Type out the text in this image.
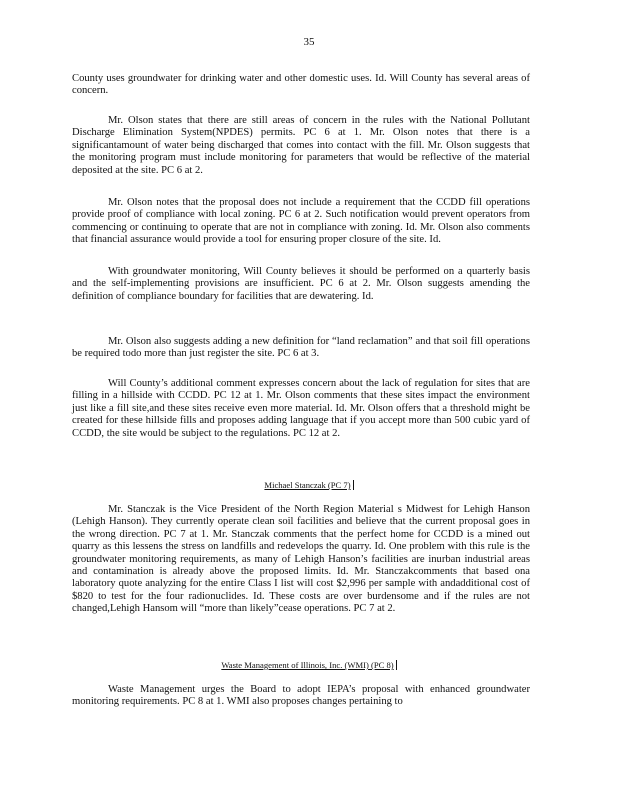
35

County uses groundwater for drinking water and other domestic uses. Id. Will County has several areas of concern.

Mr. Olson states that there are still areas of concern in the rules with the National Pollutant Discharge Elimination System(NPDES) permits. PC 6 at 1. Mr. Olson notes that there is a significantamount of water being discharged that comes into contact with the fill. Mr. Olson suggests that the monitoring program must include monitoring for parameters that would be reflective of the material deposited at the site. PC 6 at 2.

Mr. Olson notes that the proposal does not include a requirement that the CCDD fill operations provide proof of compliance with local zoning. PC 6 at 2. Such notification would prevent operators from commencing or continuing to operate that are not in compliance with zoning. Id. Mr. Olson also comments that financial assurance would provide a tool for ensuring proper closure of the site. Id.

With groundwater monitoring, Will County believes it should be performed on a quarterly basis and the self-implementing provisions are insufficient. PC 6 at 2. Mr. Olson suggests amending the definition of compliance boundary for facilities that are dewatering. Id.

Mr. Olson also suggests adding a new definition for “land reclamation” and that soil fill operations be required todo more than just register the site. PC 6 at 3.

Will County’s additional comment expresses concern about the lack of regulation for sites that are filling in a hillside with CCDD. PC 12 at 1. Mr. Olson comments that these sites impact the environment just like a fill site,and these sites receive even more material. Id. Mr. Olson offers that a threshold might be created for these hillside fills and proposes adding language that if you accept more than 500 cubic yard of CCDD, the site would be subject to the regulations. PC 12 at 2.

Michael Stanczak (PC 7)

Mr. Stanczak is the Vice President of the North Region Material s Midwest for Lehigh Hanson (Lehigh Hanson). They currently operate clean soil facilities and believe that the current proposal goes in the wrong direction. PC 7 at 1. Mr. Stanczak comments that the perfect home for CCDD is a mined out quarry as this lessens the stress on landfills and redevelops the quarry. Id. One problem with this rule is the groundwater monitoring requirements, as many of Lehigh Hanson’s facilities are inurban industrial areas and contamination is already above the proposed limits. Id. Mr. Stanczakcomments that based ona laboratory quote analyzing for the entire Class I list will cost $2,996 per sample with andadditional cost of $820 to test for the four radionuclides. Id. These costs are over burdensome and if the rules are not changed,Lehigh Hansom will “more than likely”cease operations. PC 7 at 2.

Waste Management of Illinois, Inc. (WMI) (PC 8)

Waste Management urges the Board to adopt IEPA’s proposal with enhanced groundwater monitoring requirements. PC 8 at 1. WMI also proposes changes pertaining to
